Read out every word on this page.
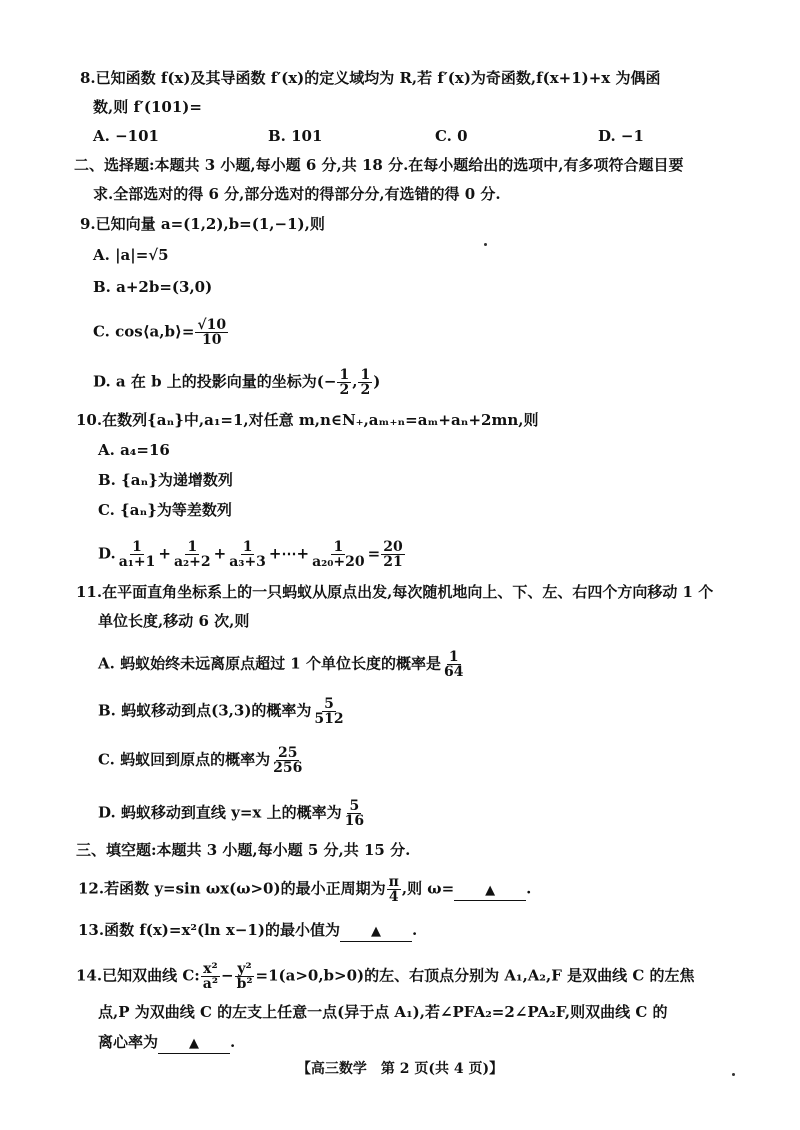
8.已知函数 f(x)及其导函数 f′(x)的定义域均为 R,若 f′(x)为奇函数,f(x+1)+x 为偶函
数,则 f′(101)=
A. −101	B. 101	C. 0	D. −1
二、选择题:本题共 3 小题,每小题 6 分,共 18 分.在每小题给出的选项中,有多项符合题目要
求.全部选对的得 6 分,部分选对的得部分分,有选错的得 0 分.
9.已知向量 a=(1,2),b=(1,−1),则
A. |a|=√5
B. a+2b=(3,0)
C. cos⟨a,b⟩= $\frac{√10}{10}$
D. a 在 b 上的投影向量的坐标为(− $\frac{1}{2}$ , $\frac{1}{2}$ )
10.在数列{aₙ}中,a₁=1,对任意 m,n∈N₊,aₘ₊ₙ=aₘ+aₙ+2mn,则
A. a₄=16
B. {aₙ}为递增数列
C. {aₙ}为等差数列
D. $\frac{1}{\text{a₁+1}} + \frac{1}{\text{a₂+2}} + \frac{1}{\text{a₃+3}}$ +⋯+ $\frac{1}{\text{a₂₀+20}} = \frac{20}{21}$
11.在平面直角坐标系上的一只蚂蚁从原点出发,每次随机地向上、下、左、右四个方向移动 1 个
单位长度,移动 6 次,则
A. 蚂蚁始终未远离原点超过 1 个单位长度的概率是 $\frac{1}{64}$
B. 蚂蚁移动到点(3,3)的概率为 $\frac{5}{512}$
C. 蚂蚁回到原点的概率为 $\frac{25}{256}$
D. 蚂蚁移动到直线 y=x 上的概率为 $\frac{5}{16}$
三、填空题:本题共 3 小题,每小题 5 分,共 15 分.
12.若函数 y=sin ωx(ω>0)的最小正周期为 $\frac{\pi}{4}$ ,则 ω= ▲ .
13.函数 f(x)=x²(ln x−1)的最小值为 ▲ .
14.已知双曲线 C: $\frac{\text{x²}}{\text{a²}} - \frac{\text{y²}}{\text{b²}} =1(a>0,b>0)$的左、右顶点分别为 A₁,A₂,F 是双曲线 C 的左焦
点,P 为双曲线 C 的左支上任意一点(异于点 A₁),若∠PFA₂=2∠PA₂F,则双曲线 C 的
离心率为 ▲ .
【高三数学　第 2 页(共 4 页)】
